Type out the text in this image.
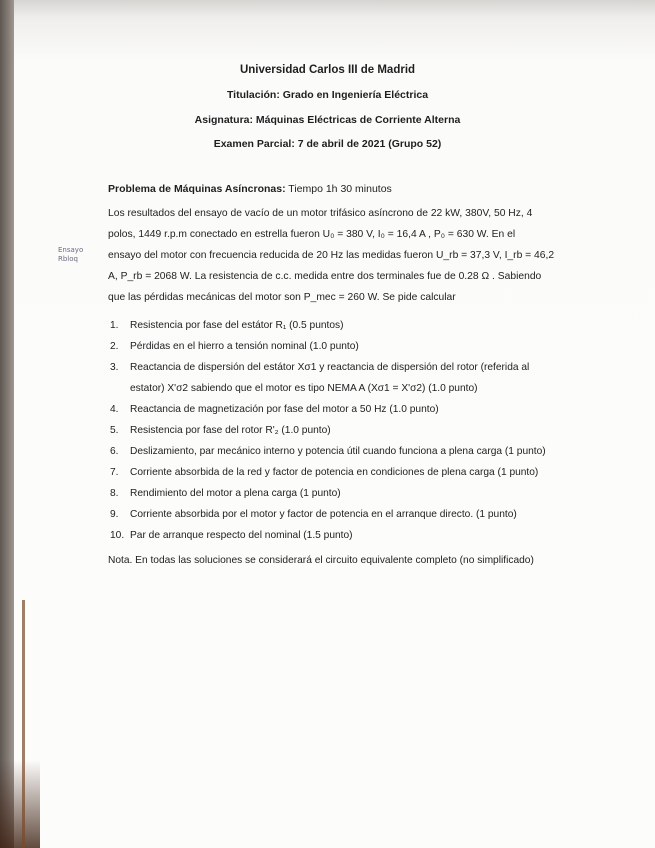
Universidad Carlos III de Madrid
Titulación: Grado en Ingeniería Eléctrica
Asignatura: Máquinas Eléctricas de Corriente Alterna
Examen Parcial: 7 de abril de 2021 (Grupo 52)
Problema de Máquinas Asíncronas: Tiempo 1h 30 minutos
Los resultados del ensayo de vacío de un motor trifásico asíncrono de 22 kW, 380V, 50 Hz, 4
polos, 1449 r.p.m conectado en estrella fueron U₀ = 380 V, I₀ = 16,4 A , P₀ = 630 W. En el
ensayo del motor con frecuencia reducida de 20 Hz las medidas fueron U_rb = 37,3 V, I_rb = 46,2
A, P_rb = 2068 W. La resistencia de c.c. medida entre dos terminales fue de 0.28 Ω . Sabiendo
que las pérdidas mecánicas del motor son P_mec = 260 W. Se pide calcular
Ensayo
Rbloq
1. Resistencia por fase del estátor R₁ (0.5 puntos)
2. Pérdidas en el hierro a tensión nominal (1.0 punto)
3. Reactancia de dispersión del estátor Xσ1 y reactancia de dispersión del rotor (referida al
estator) X'σ2 sabiendo que el motor es tipo NEMA A (Xσ1 = X'σ2) (1.0 punto)
4. Reactancia de magnetización por fase del motor a 50 Hz (1.0 punto)
5. Resistencia por fase del rotor R'₂ (1.0 punto)
6. Deslizamiento, par mecánico interno y potencia útil cuando funciona a plena carga (1 punto)
7. Corriente absorbida de la red y factor de potencia en condiciones de plena carga (1 punto)
8. Rendimiento del motor a plena carga (1 punto)
9. Corriente absorbida por el motor y factor de potencia en el arranque directo. (1 punto)
10. Par de arranque respecto del nominal (1.5 punto)
Nota. En todas las soluciones se considerará el circuito equivalente completo (no simplificado)
